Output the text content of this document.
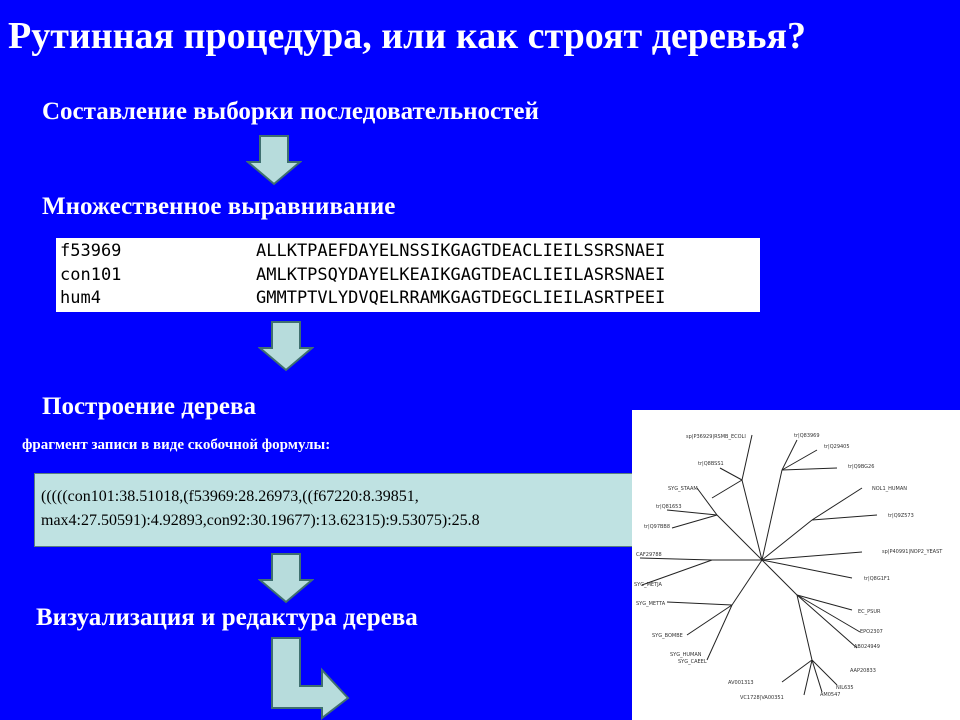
Рутинная процедура, или как строят деревья?
Составление выборки последовательностей
Множественное выравнивание
f53969	ALLKTPAEFDAYELNSSIKGAGTDEACLIEILSSRSNAEI
con101	AMLKTPSQYDAYELKEAIKGAGTDEACLIEILASRSNAEI
hum4	GMMTPTVLYDVQELRRAMKGAGTDEGCLIEILASRTPEEI
Построение дерева
фрагмент записи в виде скобочной формулы:
(((((con101:38.51018,(f53969:28.26973,((f67220:8.39851,
max4:27.50591):4.92893,con92:30.19677):13.62315):9.53075):25.8
Визуализация и редактура дерева
sp|P36929|RSMB_ECOLI	tr|Q83969
tr|Q29405
tr|Q8BSS1	tr|Q9BG26
SYG_STAAM	NOL1_HUMAN
tr|Q81653
tr|Q9Z573
tr|Q97BB8
sp|P40991|NOP2_YEAST
CAF29788
tr|Q8G1F1
SYG_METJA
SYG_METTA
EC_PSUR
SYG_BOMBE
EPO2307
AB024949
SYG_HUMAN
SYG_CAEEL
AAP20833
AV001313
NIL635
VC1728|VA00351	AM0547
